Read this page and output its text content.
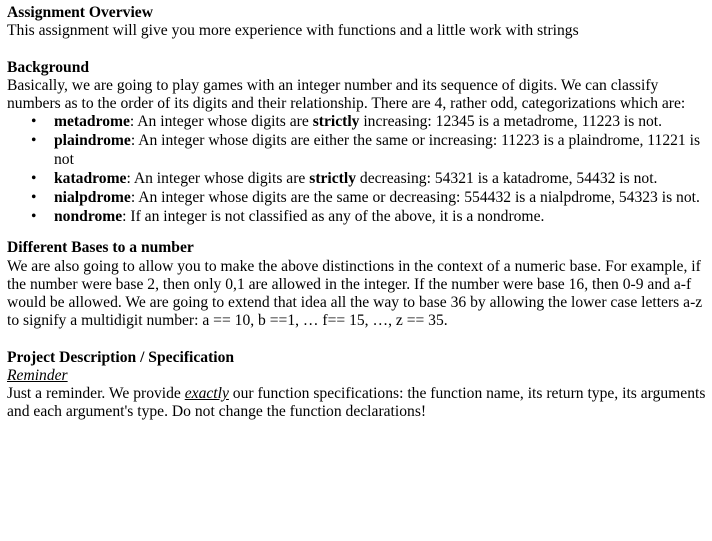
Assignment Overview
This assignment will give you more experience with functions and a little work with strings
Background
Basically, we are going to play games with an integer number and its sequence of digits. We can classify numbers as to the order of its digits and their relationship. There are 4, rather odd, categorizations which are:
• metadrome: An integer whose digits are strictly increasing: 12345 is a metadrome, 11223 is not.
• plaindrome: An integer whose digits are either the same or increasing: 11223 is a plaindrome, 11221 is not
• katadrome: An integer whose digits are strictly decreasing: 54321 is a katadrome, 54432 is not.
• nialpdrome: An integer whose digits are the same or decreasing: 554432 is a nialpdrome, 54323 is not.
• nondrome: If an integer is not classified as any of the above, it is a nondrome.
Different Bases to a number
We are also going to allow you to make the above distinctions in the context of a numeric base. For example, if the number were base 2, then only 0,1 are allowed in the integer. If the number were base 16, then 0-9 and a-f would be allowed. We are going to extend that idea all the way to base 36 by allowing the lower case letters a-z to signify a multidigit number: a == 10, b ==1, … f== 15, …, z == 35.
Project Description / Specification
Reminder
Just a reminder. We provide exactly our function specifications: the function name, its return type, its arguments and each argument's type. Do not change the function declarations!
